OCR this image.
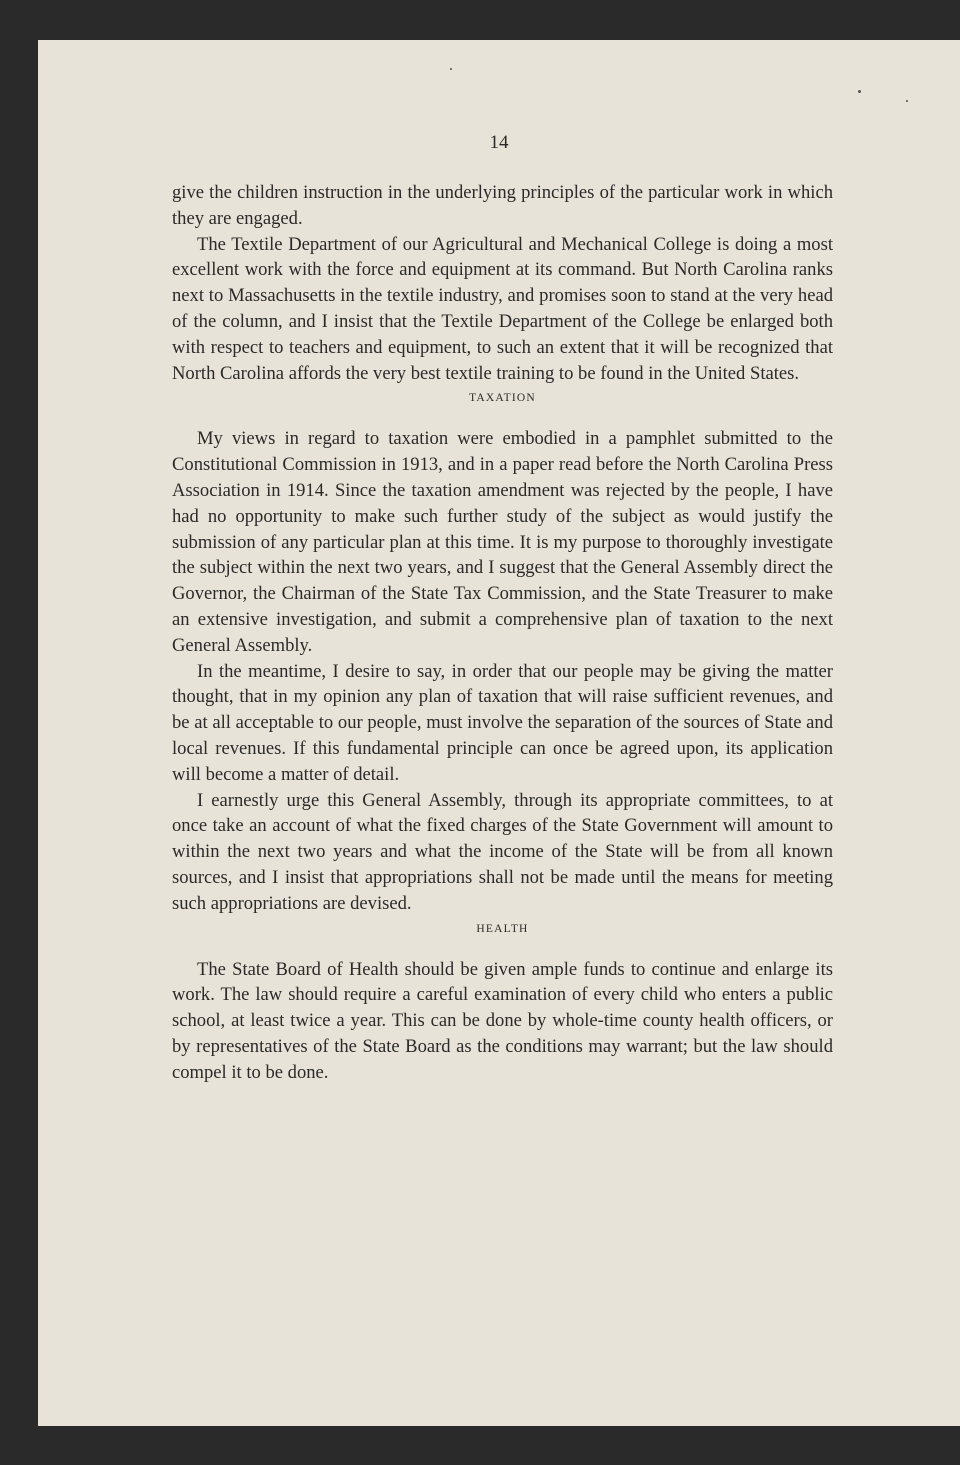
14

give the children instruction in the underlying principles of the particular work in which they are engaged.

The Textile Department of our Agricultural and Mechanical College is doing a most excellent work with the force and equipment at its command. But North Carolina ranks next to Massachusetts in the textile industry, and promises soon to stand at the very head of the column, and I insist that the Textile Department of the College be enlarged both with respect to teachers and equipment, to such an extent that it will be recognized that North Carolina affords the very best textile training to be found in the United States.

TAXATION

My views in regard to taxation were embodied in a pamphlet submitted to the Constitutional Commission in 1913, and in a paper read before the North Carolina Press Association in 1914. Since the taxation amendment was rejected by the people, I have had no opportunity to make such further study of the subject as would justify the submission of any particular plan at this time. It is my purpose to thoroughly investigate the subject within the next two years, and I suggest that the General Assembly direct the Governor, the Chairman of the State Tax Commission, and the State Treasurer to make an extensive investigation, and submit a comprehensive plan of taxation to the next General Assembly.

In the meantime, I desire to say, in order that our people may be giving the matter thought, that in my opinion any plan of taxation that will raise sufficient revenues, and be at all acceptable to our people, must involve the separation of the sources of State and local revenues. If this fundamental principle can once be agreed upon, its application will become a matter of detail.

I earnestly urge this General Assembly, through its appropriate committees, to at once take an account of what the fixed charges of the State Government will amount to within the next two years and what the income of the State will be from all known sources, and I insist that appropriations shall not be made until the means for meeting such appropriations are devised.

HEALTH

The State Board of Health should be given ample funds to continue and enlarge its work. The law should require a careful examination of every child who enters a public school, at least twice a year. This can be done by whole-time county health officers, or by representatives of the State Board as the conditions may warrant; but the law should compel it to be done.
